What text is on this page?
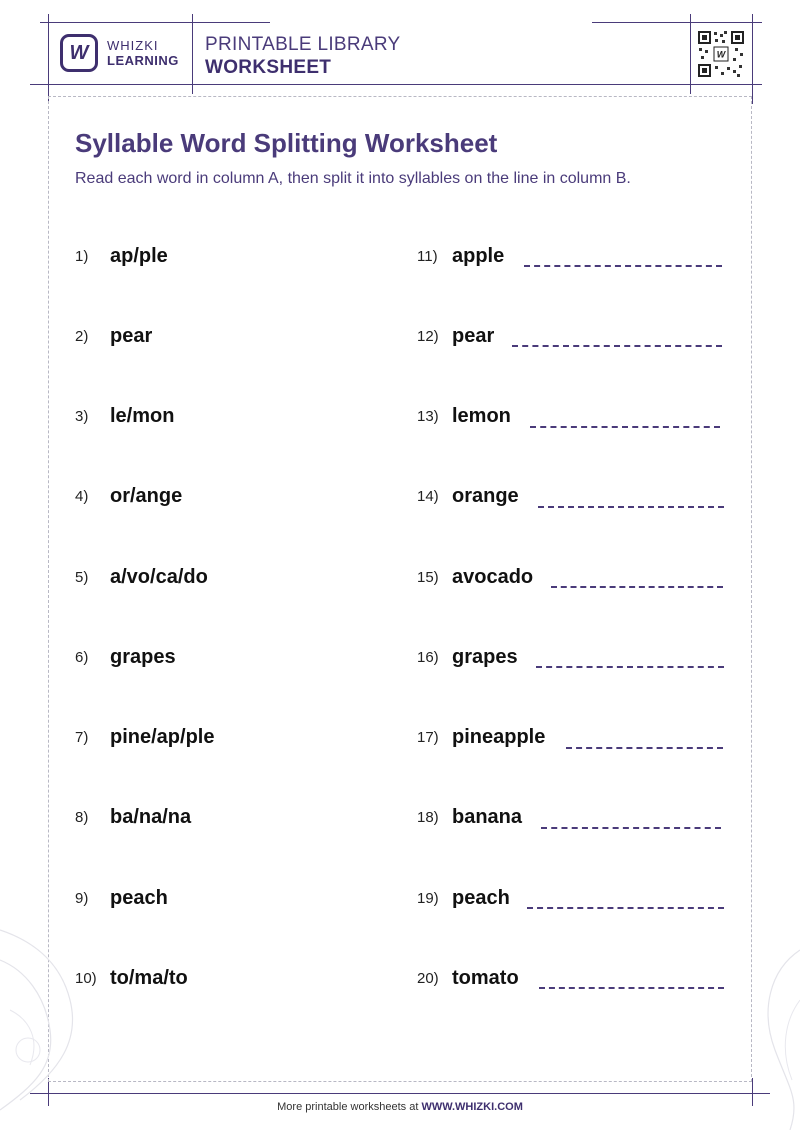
W WHIZKI
LEARNING
PRINTABLE LIBRARY
WORKSHEET
W
Syllable Word Splitting Worksheet
Read each word in column A, then split it into syllables on the line in column B.
1) ap/ple
2) pear
3) le/mon
4) or/ange
5) a/vo/ca/do
6) grapes
7) pine/ap/ple
8) ba/na/na
9) peach
10) to/ma/to
11) apple
12) pear
13) lemon
14) orange
15) avocado
16) grapes
17) pineapple
18) banana
19) peach
20) tomato
More printable worksheets at WWW.WHIZKI.COM
